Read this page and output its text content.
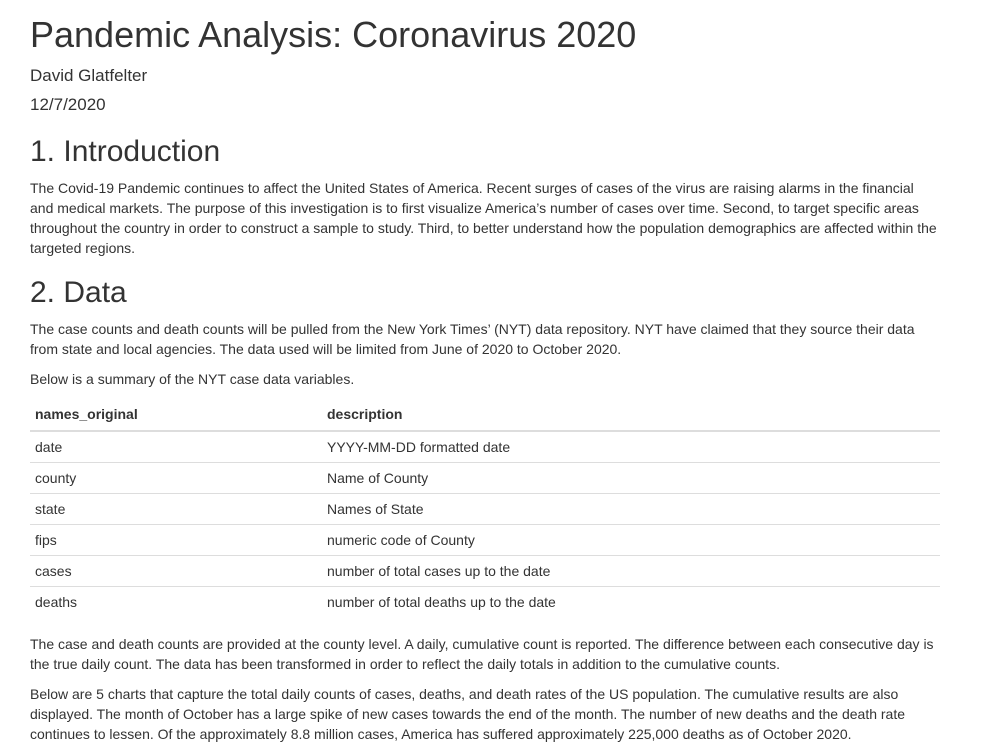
Pandemic Analysis: Coronavirus 2020

David Glatfelter

12/7/2020

1. Introduction

The Covid-19 Pandemic continues to affect the United States of America. Recent surges of cases of the virus are raising alarms in the financial and medical markets. The purpose of this investigation is to first visualize America’s number of cases over time. Second, to target specific areas throughout the country in order to construct a sample to study. Third, to better understand how the population demographics are affected within the targeted regions.

2. Data

The case counts and death counts will be pulled from the New York Times’ (NYT) data repository. NYT have claimed that they source their data from state and local agencies. The data used will be limited from June of 2020 to October 2020.

Below is a summary of the NYT case data variables.

names_original	description
date	YYYY-MM-DD formatted date
county	Name of County
state	Names of State
fips	numeric code of County
cases	number of total cases up to the date
deaths	number of total deaths up to the date

The case and death counts are provided at the county level. A daily, cumulative count is reported. The difference between each consecutive day is the true daily count. The data has been transformed in order to reflect the daily totals in addition to the cumulative counts.

Below are 5 charts that capture the total daily counts of cases, deaths, and death rates of the US population. The cumulative results are also displayed. The month of October has a large spike of new cases towards the end of the month. The number of new deaths and the death rate continues to lessen. Of the approximately 8.8 million cases, America has suffered approximately 225,000 deaths as of October 2020.
